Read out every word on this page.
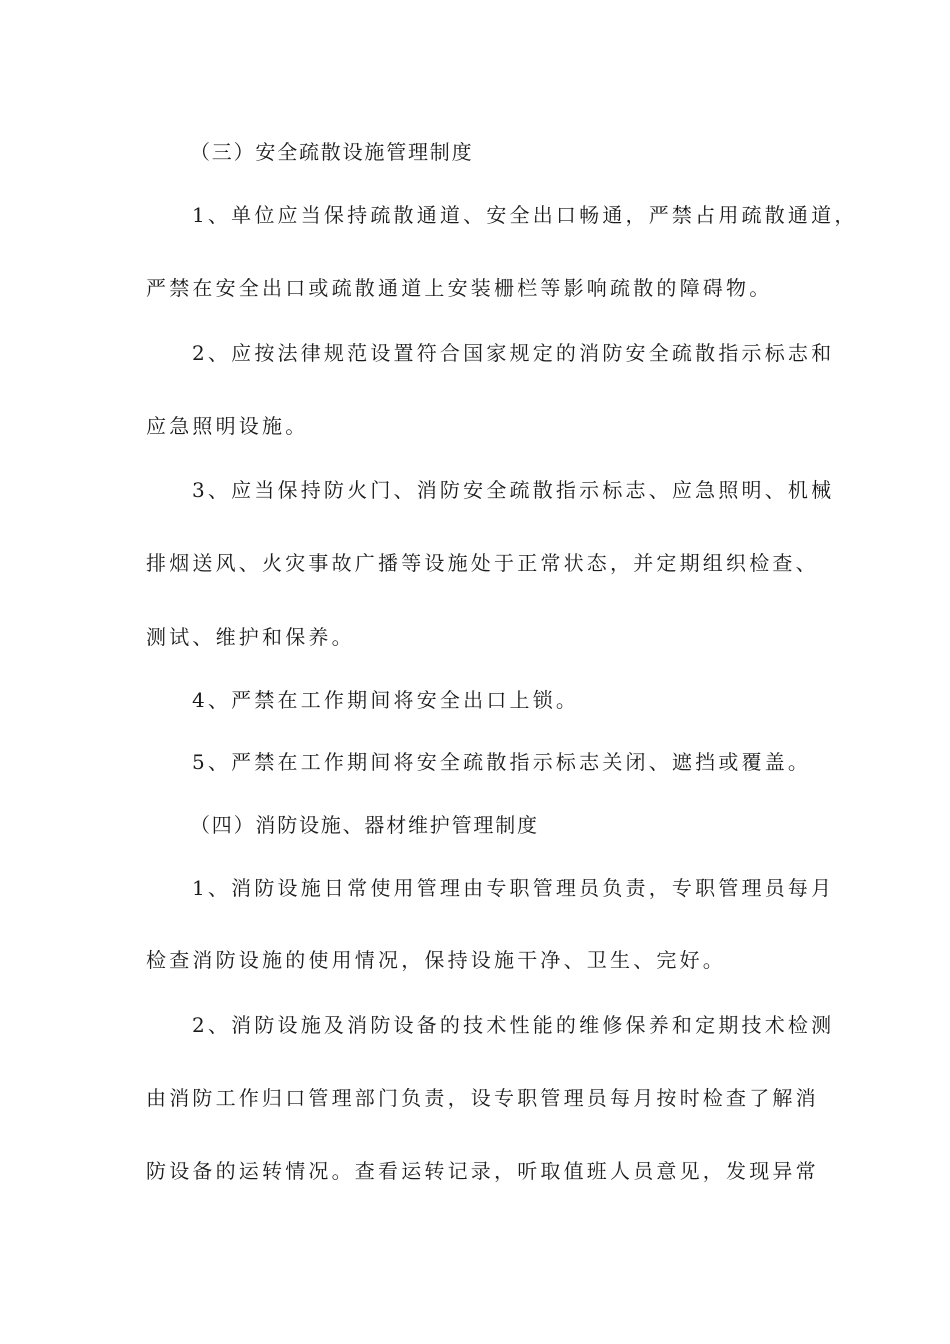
（三）安全疏散设施管理制度
1、单位应当保持疏散通道、安全出口畅通，严禁占用疏散通道，
严禁在安全出口或疏散通道上安装栅栏等影响疏散的障碍物。
2、应按法律规范设置符合国家规定的消防安全疏散指示标志和
应急照明设施。
3、应当保持防火门、消防安全疏散指示标志、应急照明、机械
排烟送风、火灾事故广播等设施处于正常状态，并定期组织检查、
测试、维护和保养。
4、严禁在工作期间将安全出口上锁。
5、严禁在工作期间将安全疏散指示标志关闭、遮挡或覆盖。
（四）消防设施、器材维护管理制度
1、消防设施日常使用管理由专职管理员负责，专职管理员每月
检查消防设施的使用情况，保持设施干净、卫生、完好。
2、消防设施及消防设备的技术性能的维修保养和定期技术检测
由消防工作归口管理部门负责，设专职管理员每月按时检查了解消
防设备的运转情况。查看运转记录，听取值班人员意见，发现异常
